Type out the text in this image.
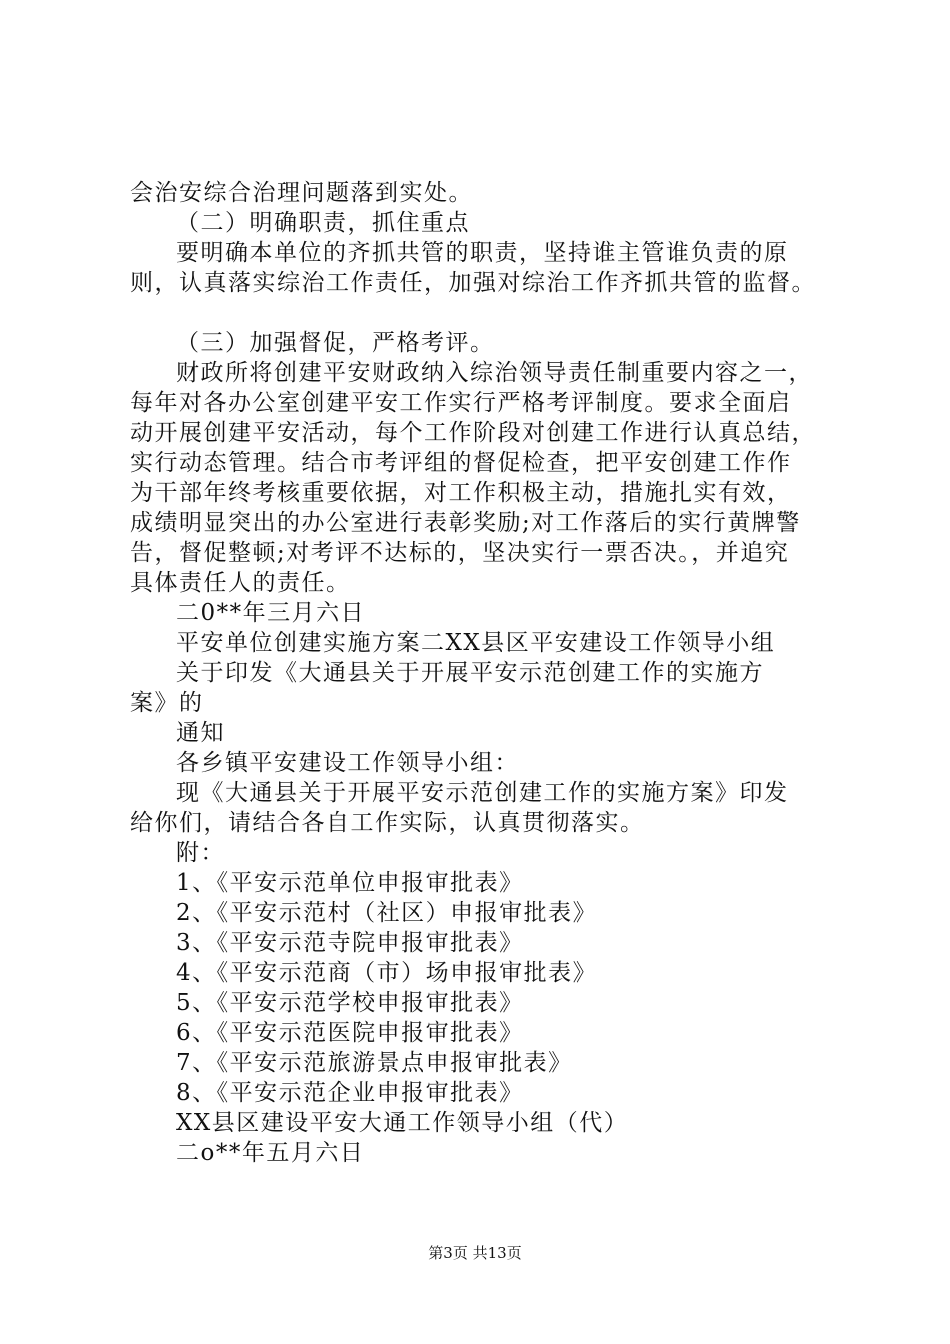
会治安综合治理问题落到实处。
（二）明确职责，抓住重点
要明确本单位的齐抓共管的职责，坚持谁主管谁负责的原
则，认真落实综治工作责任，加强对综治工作齐抓共管的监督。
（三）加强督促，严格考评。
财政所将创建平安财政纳入综治领导责任制重要内容之一，
每年对各办公室创建平安工作实行严格考评制度。要求全面启
动开展创建平安活动，每个工作阶段对创建工作进行认真总结，
实行动态管理。结合市考评组的督促检查，把平安创建工作作
为干部年终考核重要依据，对工作积极主动，措施扎实有效，
成绩明显突出的办公室进行表彰奖励;对工作落后的实行黄牌警
告，督促整顿;对考评不达标的，坚决实行一票否决。，并追究
具体责任人的责任。
二0**年三月六日
平安单位创建实施方案二XX县区平安建设工作领导小组
关于印发《大通县关于开展平安示范创建工作的实施方
案》的
通知
各乡镇平安建设工作领导小组：
现《大通县关于开展平安示范创建工作的实施方案》印发
给你们，请结合各自工作实际，认真贯彻落实。
附：
1、《平安示范单位申报审批表》
2、《平安示范村（社区）申报审批表》
3、《平安示范寺院申报审批表》
4、《平安示范商（市）场申报审批表》
5、《平安示范学校申报审批表》
6、《平安示范医院申报审批表》
7、《平安示范旅游景点申报审批表》
8、《平安示范企业申报审批表》
XX县区建设平安大通工作领导小组（代）
二o**年五月六日
第3页 共13页
